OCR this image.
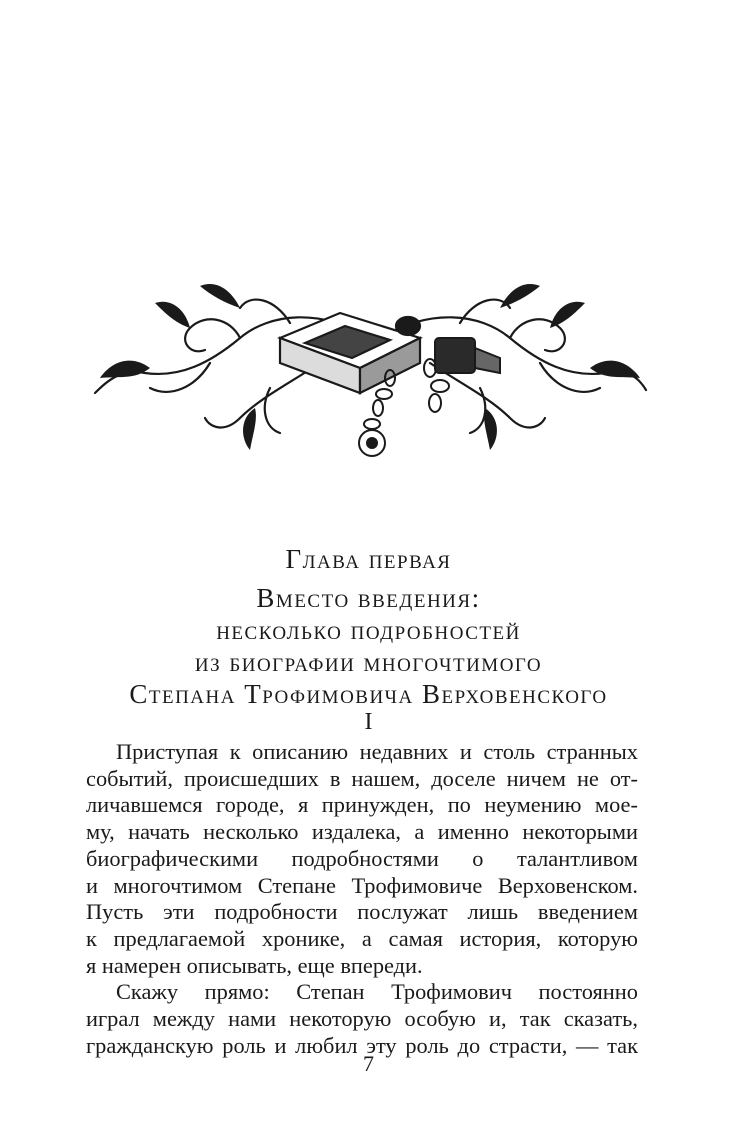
Глава первая
Вместо введения:
несколько подробностей
из биографии многочтимого
Степана Трофимовича Верховенского
I
Приступая к описанию недавних и столь странных
событий, происшедших в нашем, доселе ничем не от-
личавшемся городе, я принужден, по неумению мое-
му, начать несколько издалека, а именно некоторыми
биографическими подробностями о талантливом
и многочтимом Степане Трофимовиче Верховенском.
Пусть эти подробности послужат лишь введением
к предлагаемой хронике, а самая история, которую
я намерен описывать, еще впереди.
Скажу прямо: Степан Трофимович постоянно
играл между нами некоторую особую и, так сказать,
гражданскую роль и любил эту роль до страсти, — так
7
